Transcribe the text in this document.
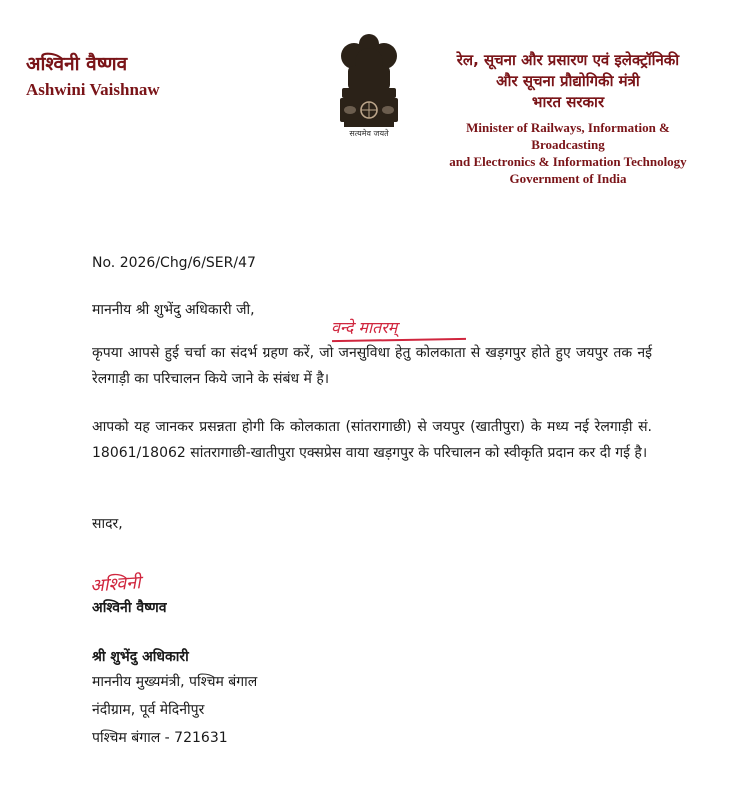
अश्विनी वैष्णव
Ashwini Vaishnaw
सत्यमेव जयते
रेल, सूचना और प्रसारण एवं इलेक्ट्रॉनिकी
और सूचना प्रौद्योगिकी मंत्री
भारत सरकार
Minister of Railways, Information & Broadcasting
and Electronics & Information Technology
Government of India
No. 2026/Chg/6/SER/47
माननीय श्री शुभेंदु अधिकारी जी,
वन्दे मातरम्
कृपया आपसे हुई चर्चा का संदर्भ ग्रहण करें, जो जनसुविधा हेतु कोलकाता से खड़गपुर होते हुए जयपुर तक नई रेलगाड़ी का परिचालन किये जाने के संबंध में है।
आपको यह जानकर प्रसन्नता होगी कि कोलकाता (सांतरागाछी) से जयपुर (खातीपुरा) के मध्य नई रेलगाड़ी सं. 18061/18062 सांतरागाछी-खातीपुरा एक्सप्रेस वाया खड़गपुर के परिचालन को स्वीकृति प्रदान कर दी गई है।
सादर,
अश्विनी
अश्विनी वैष्णव
श्री शुभेंदु अधिकारी
माननीय मुख्यमंत्री, पश्चिम बंगाल
नंदीग्राम, पूर्व मेदिनीपुर
पश्चिम बंगाल - 721631
